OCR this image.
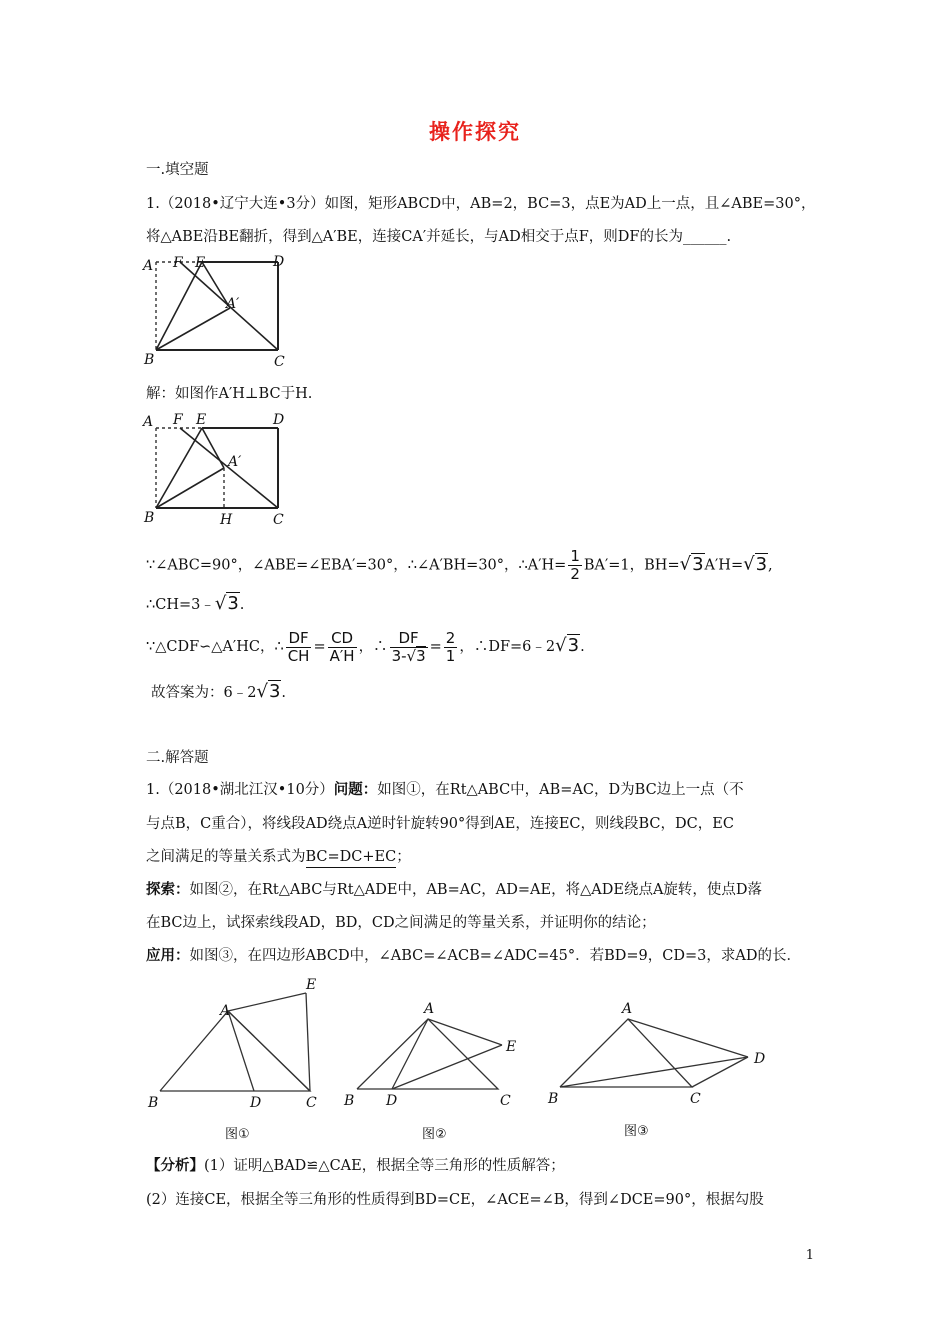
操作探究
一.填空题
1.（2018•辽宁大连•3分）如图，矩形ABCD中，AB=2，BC=3，点E为AD上一点，且∠ABE=30°，
将△ABE沿BE翻折，得到△A′BE，连接CA′并延长，与AD相交于点F，则DF的长为______.
A F E	D
A′
B	C
解：如图作A′H⊥BC于H.
A F E	D
A′
B	H	C
∵∠ABC=90°，∠ABE=∠EBA′=30°，∴∠A′BH=30°，∴A′H= $\frac{1}{2} BA'=1$，BH=√3A′H=√3,
∴CH=3﹣√3.
∵△CDF∽△A′HC，∴ $\frac{DF}{CH} = \frac{CD}{A'H}$ ，∴ $\frac{DF}{3-√3} = \frac{2}{1}$ ，∴DF=6﹣2√3.
故答案为：6﹣2√3.
二.解答题
1.（2018•湖北江汉•10分）问题：如图①，在Rt△ABC中，AB=AC，D为BC边上一点（不
与点B，C重合），将线段AD绕点A逆时针旋转90°得到AE，连接EC，则线段BC，DC，EC
之间满足的等量关系式为BC=DC+EC；
探索：如图②，在Rt△ABC与Rt△ADE中，AB=AC，AD=AE，将△ADE绕点A旋转，使点D落
在BC边上，试探索线段AD，BD，CD之间满足的等量关系，并证明你的结论；
应用：如图③，在四边形ABCD中，∠ABC=∠ACB=∠ADC=45°．若BD=9，CD=3，求AD的长．
A
E
B	D	C
图①
A
E
B D	C
图②
A
D
B	C
图③
【分析】(1）证明△BAD≌△CAE，根据全等三角形的性质解答；
(2）连接CE，根据全等三角形的性质得到BD=CE，∠ACE=∠B，得到∠DCE=90°，根据勾股
1
